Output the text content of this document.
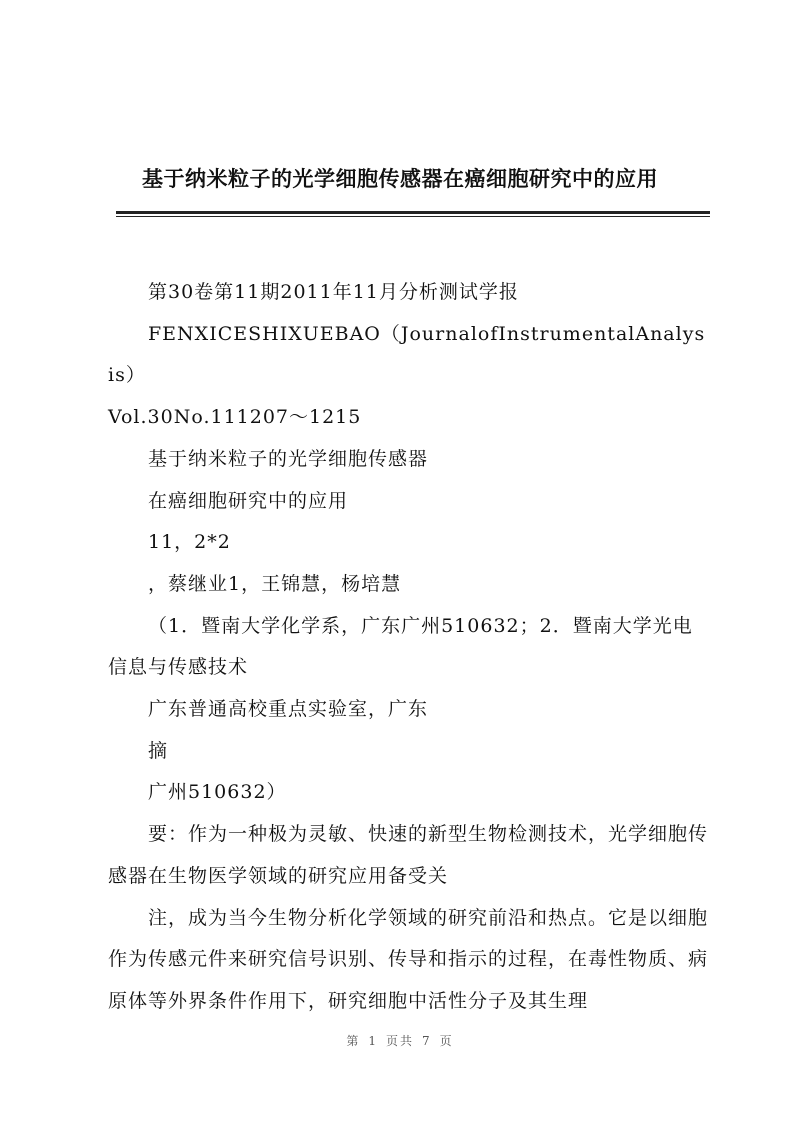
基于纳米粒子的光学细胞传感器在癌细胞研究中的应用

第30卷第11期2011年11月分析测试学报

FENXICESHIXUEBAO（JournalofInstrumentalAnalysis）

Vol.30No.111207～1215

基于纳米粒子的光学细胞传感器

在癌细胞研究中的应用

11，2*2

，蔡继业1，王锦慧，杨培慧

（1．暨南大学化学系，广东广州510632；2．暨南大学光电信息与传感技术

广东普通高校重点实验室，广东

摘

广州510632）

要：作为一种极为灵敏、快速的新型生物检测技术，光学细胞传感器在生物医学领域的研究应用备受关

注，成为当今生物分析化学领域的研究前沿和热点。它是以细胞作为传感元件来研究信号识别、传导和指示的过程，在毒性物质、病原体等外界条件作用下，研究细胞中活性分子及其生理

第 1 页共 7 页
